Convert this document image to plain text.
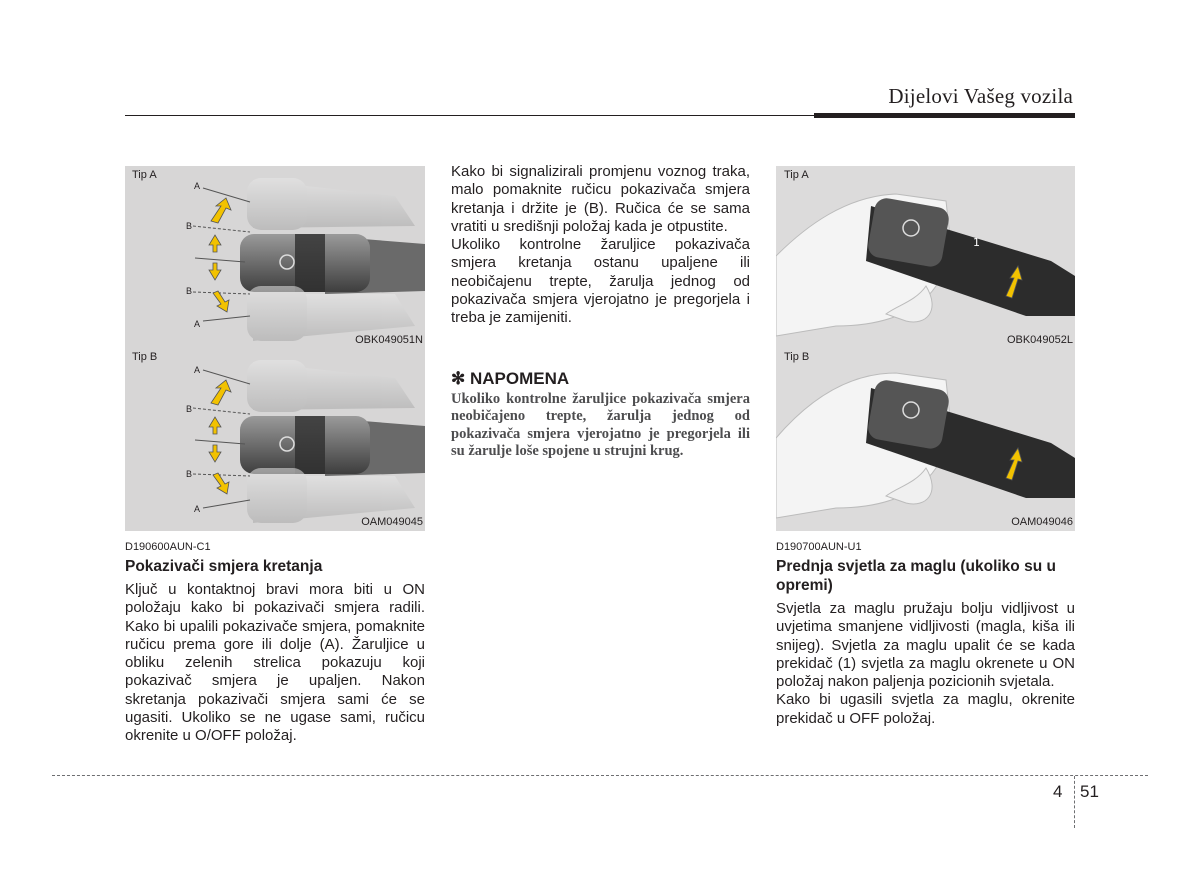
Dijelovi Vašeg vozila
Tip A
A
B
B
A
OBK049051N
Tip B
A
B
B
A
OAM049045
D190600AUN-C1
Pokazivači smjera kretanja

Ključ u kontaktnoj bravi mora biti u ON položaju kako bi pokazivači smjera radili. Kako bi upalili pokazivače smjera, pomaknite ručicu prema gore ili dolje (A). Žaruljice u obliku zelenih strelica pokazuju koji pokazivač smjera je upaljen. Nakon skretanja pokazivači smjera sami će se ugasiti. Ukoliko se ne ugase sami, ručicu okrenite u O/OFF položaj.

Kako bi signalizirali promjenu voznog traka, malo pomaknite ručicu pokazivača smjera kretanja i držite je (B). Ručica će se sama vratiti u središnji položaj kada je otpustite.

Ukoliko kontrolne žaruljice pokazivača smjera kretanja ostanu upaljene ili neobičajenu trepte, žarulja jednog od pokazivača smjera vjerojatno je pregorjela i treba je zamijeniti.

✻ NAPOMENA
Ukoliko kontrolne žaruljice pokazivača smjera neobičajeno trepte, žarulja jednog od pokazivača smjera vjerojatno je pregorjela ili su žarulje loše spojene u strujni krug.
1
Tip A
OBK049052L
Tip B
OAM049046
D190700AUN-U1
Prednja svjetla za maglu (ukoliko su u opremi)

Svjetla za maglu pružaju bolju vidljivost u uvjetima smanjene vidljivosti (magla, kiša ili snijeg). Svjetla za maglu upalit će se kada prekidač (1) svjetla za maglu okrenete u ON položaj nakon paljenja pozicionih svjetala.

Kako bi ugasili svjetla za maglu, okrenite prekidač u OFF položaj.

4 51
